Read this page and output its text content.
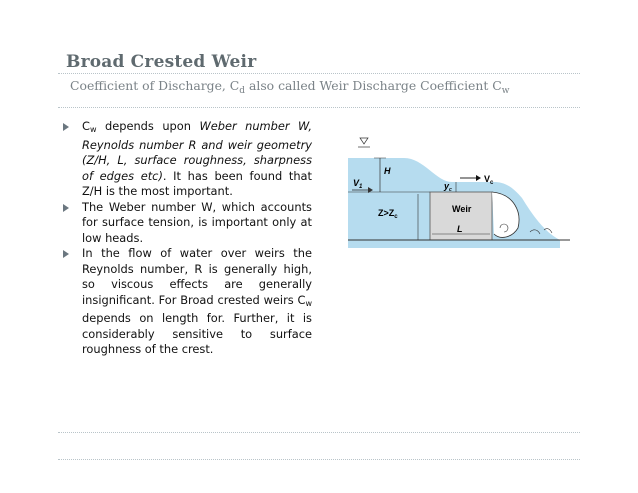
Broad Crested Weir
Coefficient of Discharge, $C_d$ also called Weir Discharge Coefficient $C_w$

$C_w$ depends upon Weber number W, Reynolds number R and weir geometry (Z/H, L, surface roughness, sharpness of edges etc). It has been found that Z/H is the most important.

The Weber number W, which accounts for surface tension, is important only at low heads.

In the flow of water over weirs the Reynolds number, R is generally high, so viscous effects are generally insignificant. For Broad crested weirs $C_w$ depends on length for. Further, it is considerably sensitive to surface roughness of the crest.

H
$y_c$
$V_1$
$V_c$
Weir
L
$Z>Z_c$
